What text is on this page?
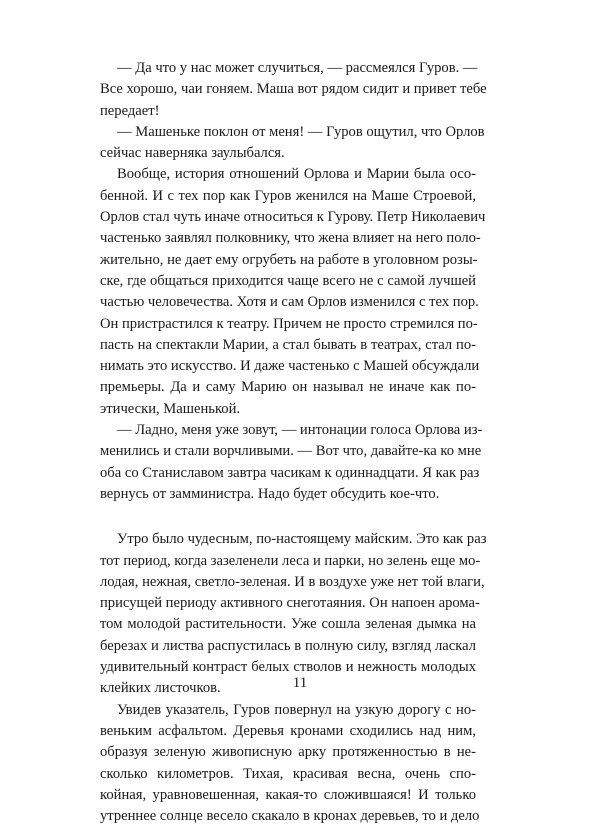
— Да что у нас может случиться, — рассмеялся Гуров. —
Все хорошо, чаи гоняем. Маша вот рядом сидит и привет тебе
передает!
— Машеньке поклон от меня! — Гуров ощутил, что Орлов
сейчас наверняка заулыбался.
Вообще, история отношений Орлова и Марии была осо-
бенной. И с тех пор как Гуров женился на Маше Строевой,
Орлов стал чуть иначе относиться к Гурову. Петр Николаевич
частенько заявлял полковнику, что жена влияет на него поло-
жительно, не дает ему огрубеть на работе в уголовном розы-
ске, где общаться приходится чаще всего не с самой лучшей
частью человечества. Хотя и сам Орлов изменился с тех пор.
Он пристрастился к театру. Причем не просто стремился по-
пасть на спектакли Марии, а стал бывать в театрах, стал по-
нимать это искусство. И даже частенько с Машей обсуждали
премьеры. Да и саму Марию он называл не иначе как по-
этически, Машенькой.
— Ладно, меня уже зовут, — интонации голоса Орлова из-
менились и стали ворчливыми. — Вот что, давайте-ка ко мне
оба со Станиславом завтра часикам к одиннадцати. Я как раз
вернусь от замминистра. Надо будет обсудить кое-что.
Утро было чудесным, по-настоящему майским. Это как раз
тот период, когда зазеленели леса и парки, но зелень еще мо-
лодая, нежная, светло-зеленая. И в воздухе уже нет той влаги,
присущей периоду активного снеготаяния. Он напоен арома-
том молодой растительности. Уже сошла зеленая дымка на
березах и листва распустилась в полную силу, взгляд ласкал
удивительный контраст белых стволов и нежность молодых
клейких листочков.
Увидев указатель, Гуров повернул на узкую дорогу с но-
веньким асфальтом. Деревья кронами сходились над ним,
образуя зеленую живописную арку протяженностью в не-
сколько километров. Тихая, красивая весна, очень спо-
койная, уравновешенная, какая-то сложившаяся! И только
утреннее солнце весело скакало в кронах деревьев, то и дело
11
